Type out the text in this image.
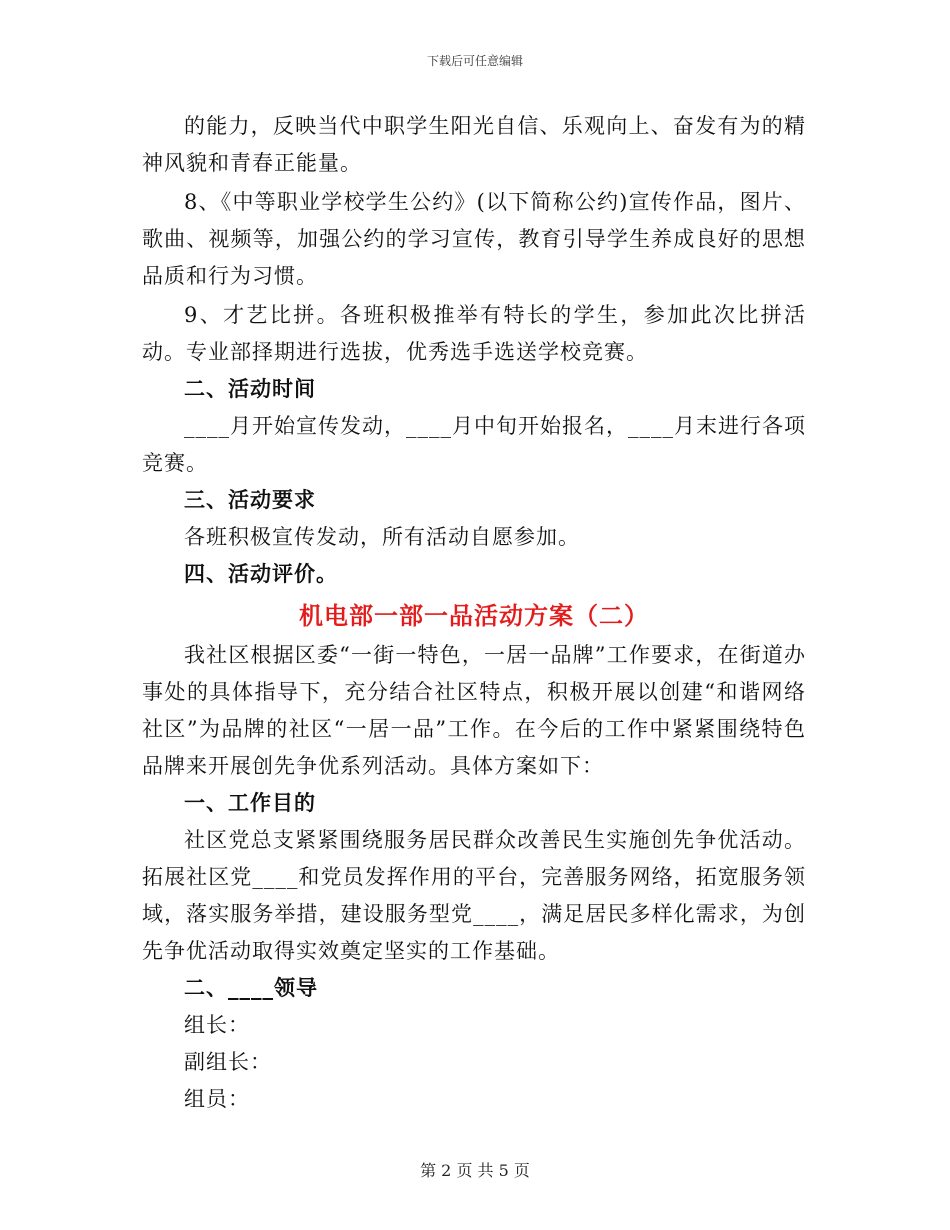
下载后可任意编辑

的能力，反映当代中职学生阳光自信、乐观向上、奋发有为的精神风貌和青春正能量。

8、《中等职业学校学生公约》(以下简称公约)宣传作品，图片、歌曲、视频等，加强公约的学习宣传，教育引导学生养成良好的思想品质和行为习惯。

9、才艺比拼。各班积极推举有特长的学生，参加此次比拼活动。专业部择期进行选拔，优秀选手选送学校竞赛。

二、活动时间

____月开始宣传发动，____月中旬开始报名，____月末进行各项竞赛。

三、活动要求

各班积极宣传发动，所有活动自愿参加。

四、活动评价。

机电部一部一品活动方案（二）

我社区根据区委“一街一特色，一居一品牌”工作要求，在街道办事处的具体指导下，充分结合社区特点，积极开展以创建“和谐网络社区”为品牌的社区“一居一品”工作。在今后的工作中紧紧围绕特色品牌来开展创先争优系列活动。具体方案如下：

一、工作目的

社区党总支紧紧围绕服务居民群众改善民生实施创先争优活动。拓展社区党____和党员发挥作用的平台，完善服务网络，拓宽服务领域，落实服务举措，建设服务型党____，满足居民多样化需求，为创先争优活动取得实效奠定坚实的工作基础。

二、____领导

组长：

副组长：

组员：

第 2 页 共 5 页
